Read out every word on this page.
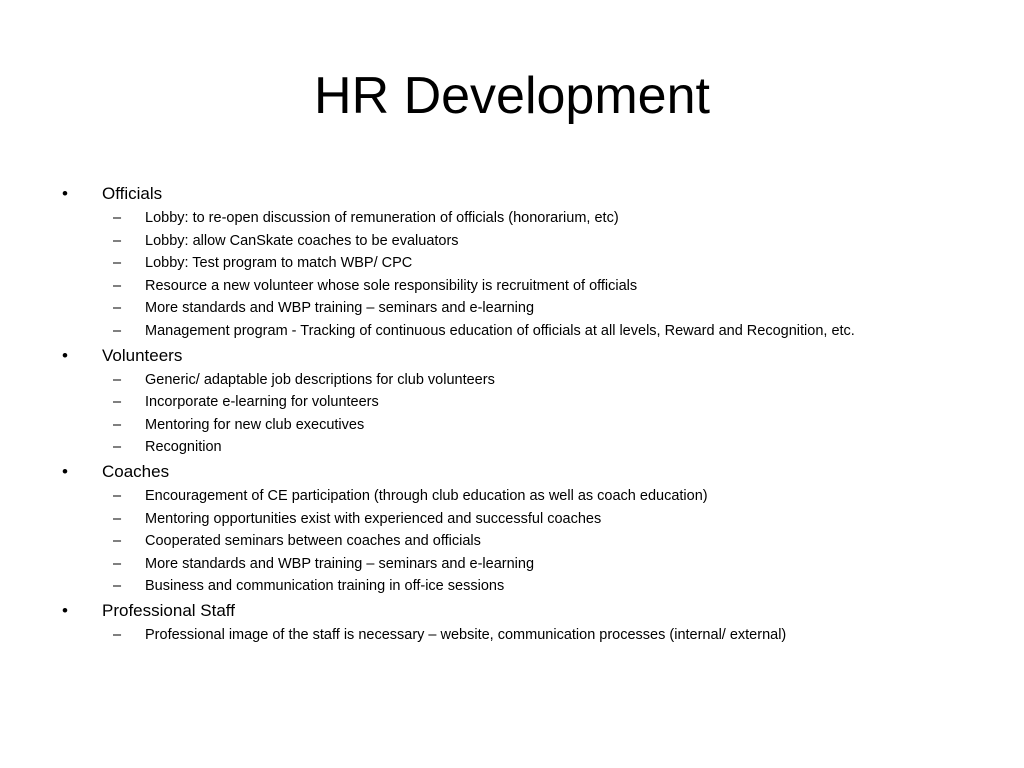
HR Development
•	Officials
–	Lobby: to re-open discussion of remuneration of officials (honorarium, etc)
–	Lobby: allow CanSkate coaches to be evaluators
–	Lobby: Test program to match WBP/ CPC
–	Resource a new volunteer whose sole responsibility is recruitment of officials
–	More standards and WBP training – seminars and e-learning
–	Management program - Tracking of continuous education of officials at all levels, Reward and Recognition, etc.
•	Volunteers
–	Generic/ adaptable job descriptions for club volunteers
–	Incorporate e-learning for volunteers
–	Mentoring for new club executives
–	Recognition
•	Coaches
–	Encouragement of CE participation (through club education as well as coach education)
–	Mentoring opportunities exist with experienced and successful coaches
–	Cooperated seminars between coaches and officials
–	More standards and WBP training – seminars and e-learning
–	Business and communication training in off-ice sessions
•	Professional Staff
–	Professional image of the staff is necessary – website, communication processes (internal/ external)
